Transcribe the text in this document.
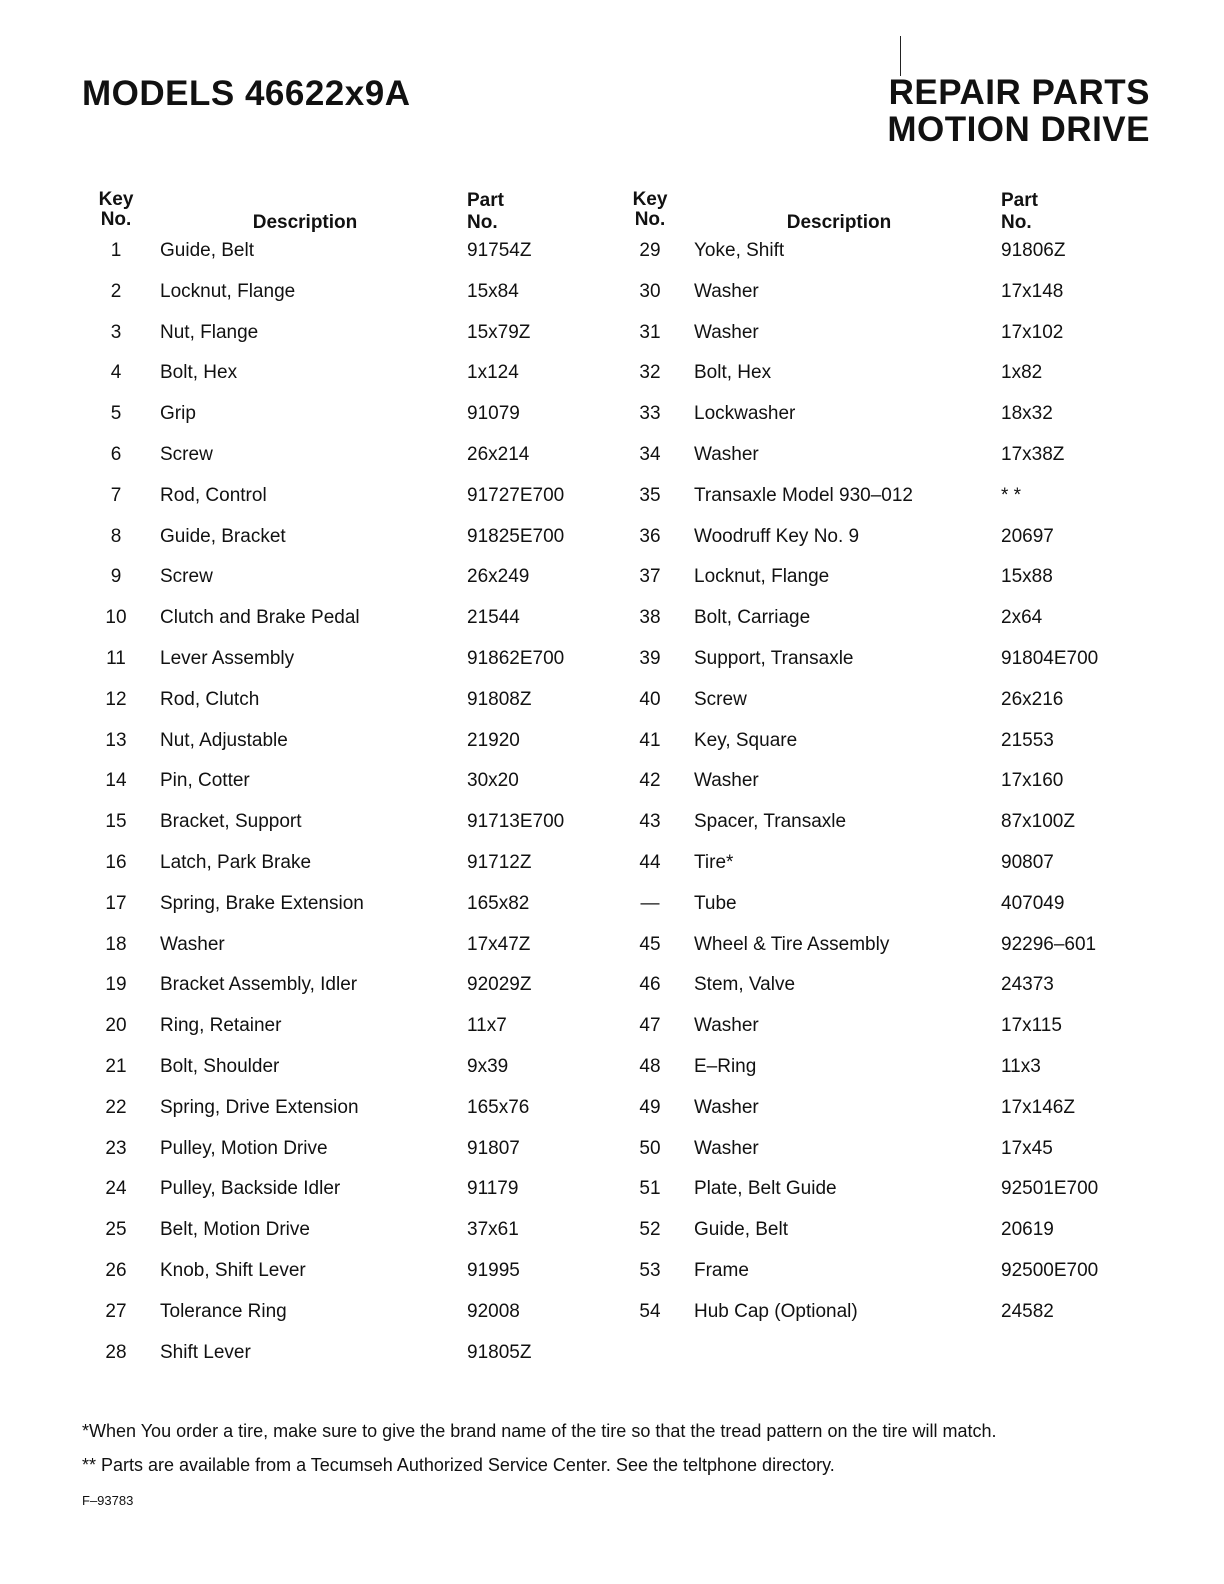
MODELS 46622x9A	REPAIR PARTS
MOTION DRIVE
Key
No.	Description
Part No.
1	Guide, Belt	91754Z
2	Locknut, Flange	15x84
3	Nut, Flange	15x79Z
4	Bolt, Hex	1x124
5	Grip	91079
6	Screw	26x214
7	Rod, Control	91727E700
8	Guide, Bracket	91825E700
9	Screw	26x249
10	Clutch and Brake Pedal	21544
11	Lever Assembly	91862E700
12	Rod, Clutch	91808Z
13	Nut, Adjustable	21920
14	Pin, Cotter	30x20
15	Bracket, Support	91713E700
16	Latch, Park Brake	91712Z
17	Spring, Brake Extension	165x82
18	Washer	17x47Z
19	Bracket Assembly, Idler	92029Z
20	Ring, Retainer	11x7
21	Bolt, Shoulder	9x39
22	Spring, Drive Extension	165x76
23	Pulley, Motion Drive	91807
24	Pulley, Backside Idler	91179
25	Belt, Motion Drive	37x61
26	Knob, Shift Lever	91995
27	Tolerance Ring	92008
28	Shift Lever	91805Z
Key
No.	Description
Part No.
29	Yoke, Shift	91806Z
30	Washer	17x148
31	Washer	17x102
32	Bolt, Hex	1x82
33	Lockwasher	18x32
34	Washer	17x38Z
35	Transaxle Model 930–012	* *
36	Woodruff Key No. 9	20697
37	Locknut, Flange	15x88
38	Bolt, Carriage	2x64
39	Support, Transaxle	91804E700
40	Screw	26x216
41	Key, Square	21553
42	Washer	17x160
43	Spacer, Transaxle	87x100Z
44	Tire*	90807
—	Tube	407049
45	Wheel & Tire Assembly	92296–601
46	Stem, Valve	24373
47	Washer	17x115
48	E–Ring	11x3
49	Washer	17x146Z
50	Washer	17x45
51	Plate, Belt Guide	92501E700
52	Guide, Belt	20619
53	Frame	92500E700
54	Hub Cap (Optional)	24582
*When You order a tire, make sure to give the brand name of the tire so that the tread pattern on the tire will match.
** Parts are available from a Tecumseh Authorized Service Center. See the teltphone directory.
F–93783
